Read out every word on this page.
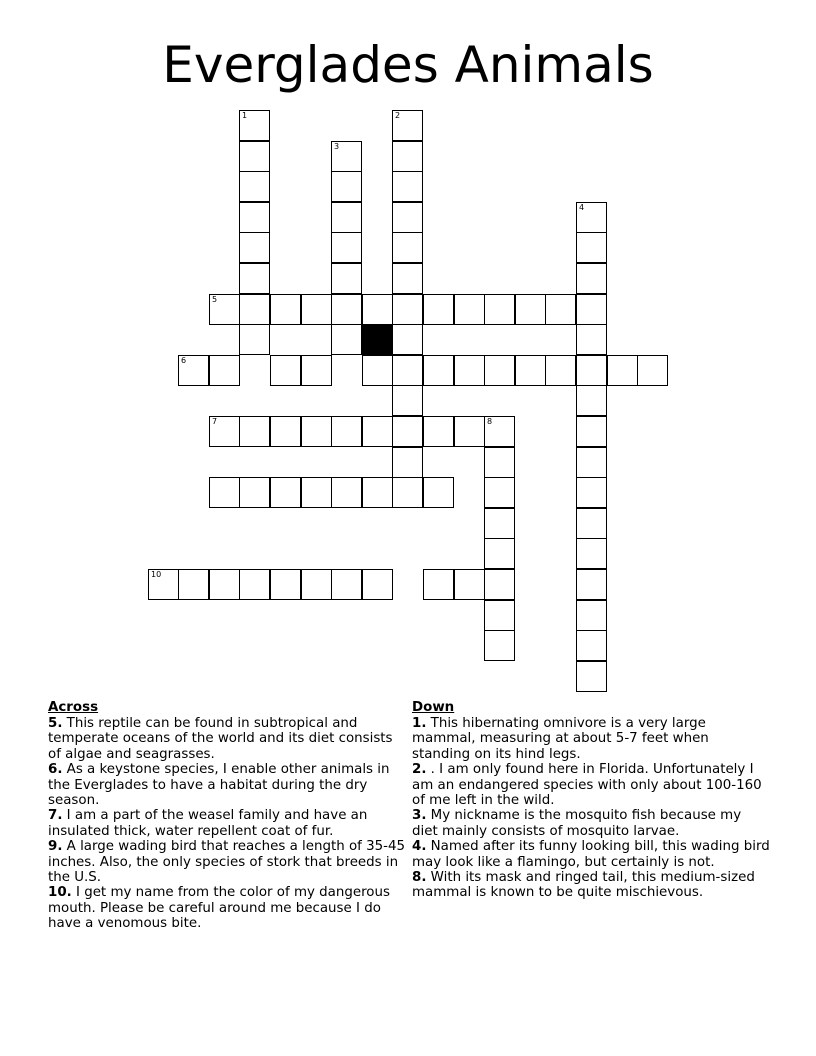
Everglades Animals
1	2
3
4
5
6
7	8
10
Across

5. This reptile can be found in subtropical and temperate oceans of the world and its diet consists of algae and seagrasses.

6. As a keystone species, I enable other animals in the Everglades to have a habitat during the dry season.

7. I am a part of the weasel family and have an insulated thick, water repellent coat of fur.

9. A large wading bird that reaches a length of 35-45 inches. Also, the only species of stork that breeds in the U.S.

10. I get my name from the color of my dangerous mouth. Please be careful around me because I do have a venomous bite.

Down

1. This hibernating omnivore is a very large mammal, measuring at about 5-7 feet when standing on its hind legs.

2. . I am only found here in Florida. Unfortunately I am an endangered species with only about 100-160 of me left in the wild.

3. My nickname is the mosquito fish because my diet mainly consists of mosquito larvae.

4. Named after its funny looking bill, this wading bird may look like a flamingo, but certainly is not.

8. With its mask and ringed tail, this medium-sized mammal is known to be quite mischievous.
